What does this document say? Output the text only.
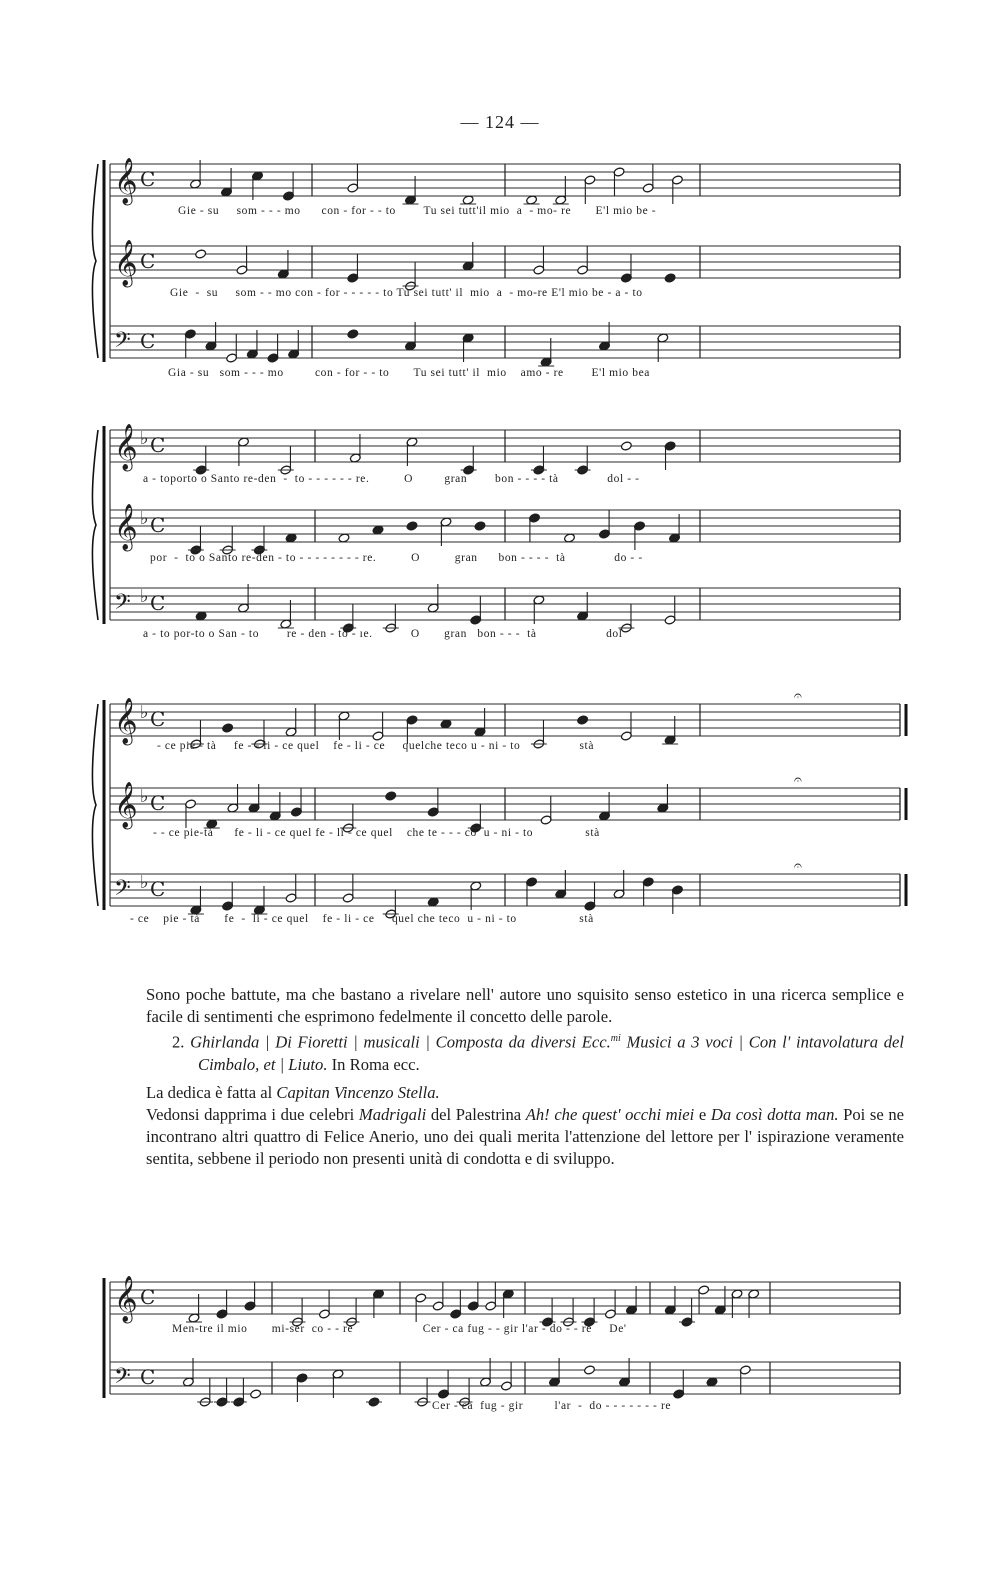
— 124 —
𝄞 C
𝄞 C
𝄢 C
Gie - su     som - - - mo      con - for - - to        Tu sei tutt'il mio  a  - mo- re       E'l mio be -
Gie  -  su     som - - mo con - for - - - - - to Tu sei tutt' il  mio  a  - mo-re E'l mio be - a - to
Gia - su   som - - - mo         con - for - - to       Tu sei tutt' il  mio    amo - re        E'l mio bea
𝄞 ♭ C
𝄞 ♭ C
𝄢 ♭ C
a - toporto o Santo re-den  -  to - - - - - - re.          O         gran        bon - - - - tà              dol - -
por  -  to o Santo re-den - to - - - - - - - - re.          O          gran      bon - - - -  tà              do - -
a - to por-to o San - to        re - den - to - ıe.           O       gran   bon - - -  tà                    dol
𝄞 ♭ C
𝄞 ♭ C
𝄢 ♭ C
𝄐
𝄐
𝄐
- ce pie - tà     fe - - li - ce quel    fe - li - ce     quelche teco u - ni - to                 stà
- - ce pie-tà      fe - li - ce quel fe - li - ce quel    che te - - - co  u - ni - to               stà
- ce    pie - tà       fe  -  li - ce quel    fe - li - ce     quel che teco  u - ni - to                  stà

Sono poche battute, ma che bastano a rivelare nell' autore uno squisito senso estetico in una ricerca semplice e facile di sentimenti che esprimono fedelmente il concetto delle parole.

2. Ghirlanda | Di Fioretti | musicali | Composta da diversi Ecc.$^{mi}$ Musici a 3 voci | Con l' intavolatura del Cimbalo, et | Liuto. In Roma ecc.

La dedica è fatta al Capitan Vincenzo Stella.

Vedonsi dapprima i due celebri Madrigali del Palestrina Ah! che quest' occhi miei e Da così dotta man. Poi se ne incontrano altri quattro di Felice Anerio, uno dei quali merita l'attenzione del lettore per l' ispirazione veramente sentita, sebbene il periodo non presenti unità di condotta e di sviluppo.

𝄞 C
𝄢 C
Men-tre il mio       mi-ser  co - - re                    Cer - ca fug - - gir l'ar - do - - re     De'
Cer - ca  fug - gir         l'ar  -  do - - - - - - - re
